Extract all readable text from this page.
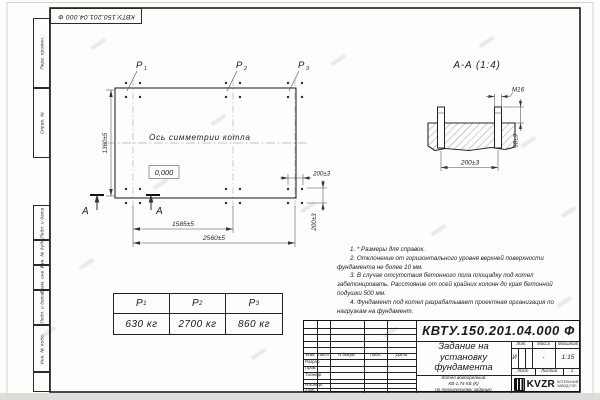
P $_1$	P $_2$	P $_3$
Ось симметрии котла
0,000
1360±5
А	А
1585±5
2560±5
200±3
200±3
А-А (1:4)
М16
50±3
200±3
КВТУ.150.201.04.000 Ф
Перв. примен.
Справ. №
Подп. и дата
Инв. № дубл.
Взам. инв. №
Подп. и дата
Инв. № подл.
P 1	P 2	P 3
630 кг	2700 кг	860 кг

1. * Размеры для справок.

2. Отклонение от горизонтального уровня верхней поверхности фундамента не более 10 мм.

3. В случае отсутствия бетонного пола площадку под котел забетонировать. Расстояние от осей крайних колонн до края бетонной подушки 500 мм.

4. Фундамент под котел разрабатывает проектная организация по нагрузкам на фундамент.

КВТУ.150.201.04.000 Ф
Задание на
установку
фундамента
Котел водогрейный
КВ-1,74 КБ (К)
по техническому заданию
Изм. Лист	N докум.	Подп.	Дата
Разраб.
Пров.
Т.контр.
Н.контр.
Утв.
Лит.	Масса	Масштаб
И	-	1:15
Лист	Листов	1
KVZR КОТЕЛЬНЫЙ
ЗАВОД РЭП
